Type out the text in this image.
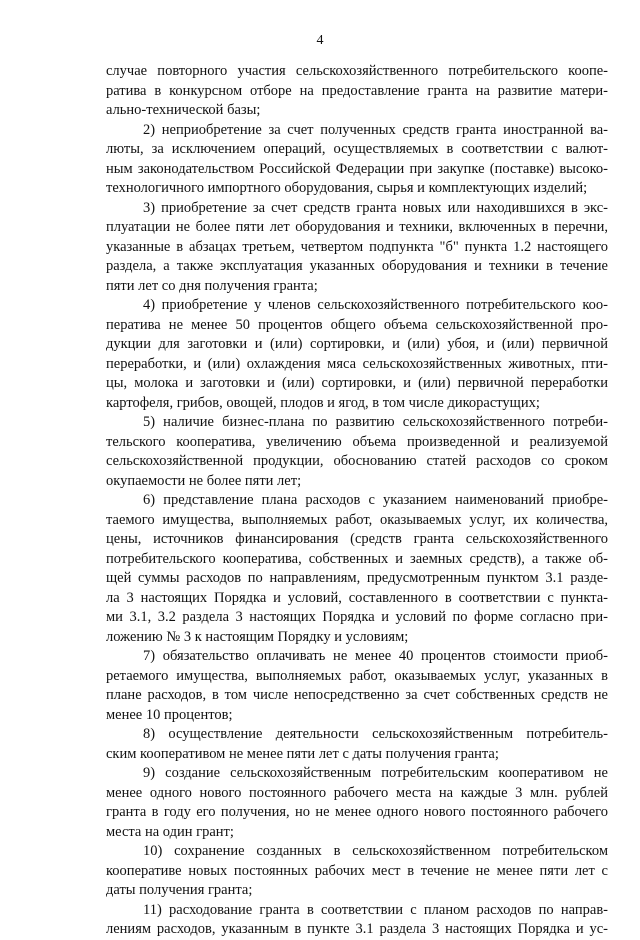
4
случае повторного участия сельскохозяйственного потребительского коопе-
ратива в конкурсном отборе на предоставление гранта на развитие матери-
ально-технической базы;
2) неприобретение за счет полученных средств гранта иностранной ва-
люты, за исключением операций, осуществляемых в соответствии с валют-
ным законодательством Российской Федерации при закупке (поставке) высоко-
технологичного импортного оборудования, сырья и комплектующих изделий;
3) приобретение за счет средств гранта новых или находившихся в экс-
плуатации не более пяти лет оборудования и техники, включенных в перечни,
указанные в абзацах третьем, четвертом подпункта "б" пункта 1.2 настоящего
раздела, а также эксплуатация указанных оборудования и техники в течение
пяти лет со дня получения гранта;
4) приобретение у членов сельскохозяйственного потребительского коо-
ператива не менее 50 процентов общего объема сельскохозяйственной про-
дукции для заготовки и (или) сортировки, и (или) убоя, и (или) первичной
переработки, и (или) охлаждения мяса сельскохозяйственных животных, пти-
цы, молока и заготовки и (или) сортировки, и (или) первичной переработки
картофеля, грибов, овощей, плодов и ягод, в том числе дикорастущих;
5) наличие бизнес-плана по развитию сельскохозяйственного потреби-
тельского кооператива, увеличению объема произведенной и реализуемой
сельскохозяйственной продукции, обоснованию статей расходов со сроком
окупаемости не более пяти лет;
6) представление плана расходов с указанием наименований приобре-
таемого имущества, выполняемых работ, оказываемых услуг, их количества,
цены, источников финансирования (средств гранта сельскохозяйственного
потребительского кооператива, собственных и заемных средств), а также об-
щей суммы расходов по направлениям, предусмотренным пунктом 3.1 разде-
ла 3 настоящих Порядка и условий, составленного в соответствии с пункта-
ми 3.1, 3.2 раздела 3 настоящих Порядка и условий по форме согласно при-
ложению № 3 к настоящим Порядку и условиям;
7) обязательство оплачивать не менее 40 процентов стоимости приоб-
ретаемого имущества, выполняемых работ, оказываемых услуг, указанных в
плане расходов, в том числе непосредственно за счет собственных средств не
менее 10 процентов;
8) осуществление деятельности сельскохозяйственным потребитель-
ским кооперативом не менее пяти лет с даты получения гранта;
9) создание сельскохозяйственным потребительским кооперативом не
менее одного нового постоянного рабочего места на каждые 3 млн. рублей
гранта в году его получения, но не менее одного нового постоянного рабочего
места на один грант;
10) сохранение созданных в сельскохозяйственном потребительском
кооперативе новых постоянных рабочих мест в течение не менее пяти лет с
даты получения гранта;
11) расходование гранта в соответствии с планом расходов по направ-
лениям расходов, указанным в пункте 3.1 раздела 3 настоящих Порядка и ус-
